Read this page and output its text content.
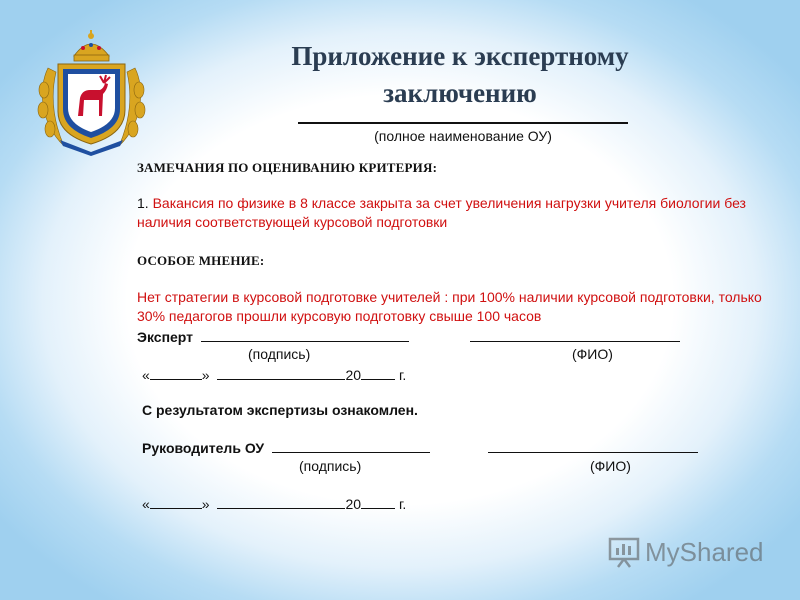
Приложение к экспертному
заключению
(полное наименование ОУ)
ЗАМЕЧАНИЯ ПО ОЦЕНИВАНИЮ КРИТЕРИЯ:
1. Вакансия по физике в 8 классе закрыта за счет увеличения нагрузки учителя биологии без наличия соответствующей курсовой подготовки
ОСОБОЕ МНЕНИЕ:
Нет стратегии в курсовой подготовке учителей : при 100% наличии курсовой подготовки, только 30% педагогов прошли курсовую подготовку свыше 100 часов
Эксперт
(подпись)	(ФИО)
«	»	20	г.
С результатом экспертизы ознакомлен.
Руководитель ОУ
(подпись)	(ФИО)
«	»	20	г.
MyShared
